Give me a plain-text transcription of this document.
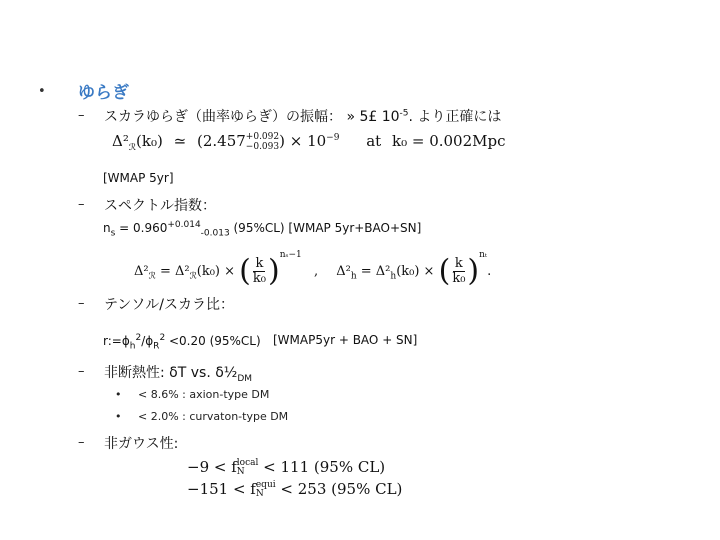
• ゆらぎ
– スカラゆらぎ（曲率ゆらぎ）の振幅： » 5£ $10^{-5}$. より正確には
$\Delta^2_ℛ(k_0)$ ≃ (2.457 +0.092
−0.093 ) × $10^{-9}$ at k₀ = 0.002Mpc
[WMAP 5yr]
– スペクトル指数：
$n_s = 0.960^{+0.014}_{-0.013}$ (95%CL) [WMAP 5yr+BAO+SN]
$\Delta^2_ℛ = \Delta^2_ℛ(k_0)$ × ( $\frac{k}{\text{k₀}} )^{n_s-1}$ , $\Delta^2_h = \Delta^2_h(k_0)$ × ( $\frac{k}{\text{k₀}} )^{n_t}$.
– テンソル/スカラ比：
$r:=\phi_h^2/\phi_R^2 <0.20$ (95%CL) [WMAP5yr + BAO + SN]
– 非断熱性: δT vs. $\delta\frac{1}{2}_{DM}$
• < 8.6% : axion-type DM
• < 2.0% : curvaton-type DM
– 非ガウス性:
−9 < f local
N < 111 (95% CL)
−151 < f equi
N < 253 (95% CL)
